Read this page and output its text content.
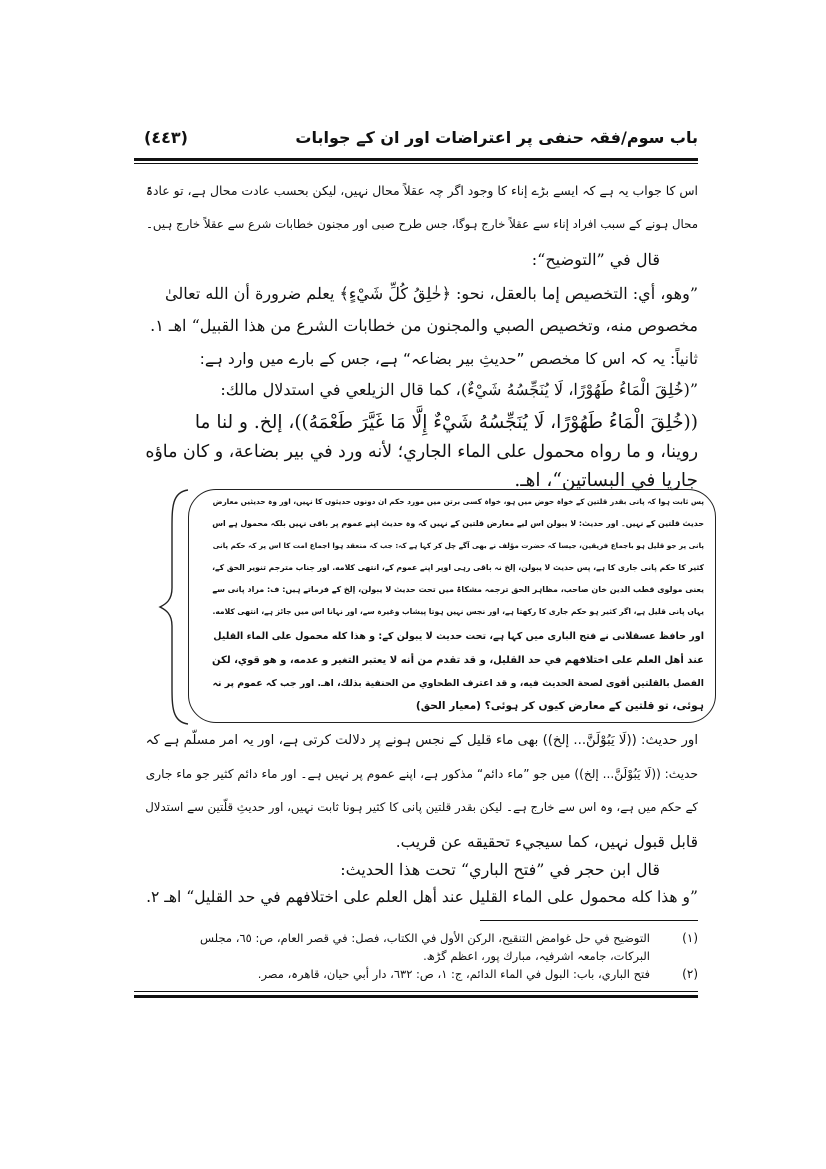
باب سوم/فقہ حنفی پر اعتراضات اور ان کے جوابات
(٤٤٣)
اس کا جواب یہ ہے کہ ایسے بڑے إناء کا وجود اگر چہ عقلاً محال نہیں، لیکن بحسب عادت محال ہے، تو عادۃً
محال ہونے کے سبب افراد إناء سے عقلاً خارج ہوگا، جس طرح صبی اور مجنون خطابات شرع سے عقلاً خارج ہیں۔
قال في ”التوضيح“:
”وهو، أي: التخصيص إما بالعقل، نحو: ﴿خٰلِقُ كُلِّ شَيْءٍ﴾ يعلم ضرورة أن الله تعالىٰ
مخصوص منه، وتخصيص الصبي والمجنون من خطابات الشرع من هذا القبيل“ اهـ ١.
ثانیاً: یہ کہ اس کا مخصص ”حدیثِ بیر بضاعہ“ ہے، جس کے بارے میں وارد ہے:
”(خُلِقَ الْمَاءُ طَهُوْرًا، لَا يُنَجِّسُهُ شَيْءٌ)، کما قال الزیلعي في استدلال مالك:
((خُلِقَ الْمَاءُ طَهُوْرًا، لَا يُنَجِّسُهُ شَيْءٌ إِلَّا مَا غَيَّرَ طَعْمَهُ))، إلخ. و لنا ما
روينا، و ما رواه محمول على الماء الجاري؛ لأنه ورد في بير بضاعة، و كان ماؤه
جاريا في البساتين“، اهـ.
پس ثابت ہوا کہ پانی بقدر قلتین کے خواہ حوض میں ہو، خواہ کسی برتن میں مورد حکم ان دونوں حدیثوں کا نہیں، اور وہ حدیثیں معارض
حدیث قلتین کے نہیں۔ اور حدیث: لا يبولن اس لیے معارض قلتین کے نہیں کہ وہ حدیث اپنے عموم پر باقی نہیں بلکہ محمول ہے اس
پانی پر جو قلیل ہو باجماع فریقین، جیسا کہ حضرت مؤلف نے بھی آگے چل کر کہا ہے کہ: جب کہ منعقد ہوا اجماع امت کا اس پر کہ حکم پانی
کثیر کا حکم پانی جاری کا ہے، پس حدیث لا يبولن، إلخ نہ باقی رہی اوپر اپنے عموم کے، انتهى كلامه. اور جناب مترجم تنویر الحق کے،
یعنی مولوی قطب الدین خان صاحب، مظاہر الحق ترجمہ مشکاۃ میں تحت حدیث لا يبولن، إلخ کے فرماتے ہیں: ف: مراد پانی سے
یہاں پانی قلیل ہے، اگر کثیر ہو حکم جاری کا رکھتا ہے، اور نجس نہیں ہوتا پیشاب وغیرہ سے، اور نہانا اس میں جائز ہے، انتهى كلامه.
اور حافظ عسقلانی نے فتح الباری میں کہا ہے، تحت حدیث لا يبولن کے: و هذا كله محمول على الماء القليل
عند أهل العلم على اختلافهم في حد القليل، و قد تقدم من أنه لا يعتبر التغير و عدمه، و هو قوي، لكن
الفصل بالقلتين أقوى لصحة الحديث فيه، و قد اعترف الطحاوي من الحنفية بذلك، اهـ. اور جب کہ عموم پر نہ
ہوئی، تو قلتین کے معارض کیوں کر ہوئی؟ (معیار الحق)
اور حدیث: ((لَا يَبُوْلَنَّ... إلخ)) بھی ماء قلیل کے نجس ہونے پر دلالت کرتی ہے، اور یہ امر مسلّم ہے کہ
حدیث: ((لَا يَبُوْلَنَّ... إلخ)) میں جو ”ماء دائم“ مذکور ہے، اپنے عموم پر نہیں ہے۔ اور ماء دائم کثیر جو ماء جاری
کے حکم میں ہے، وہ اس سے خارج ہے۔ لیکن بقدر قلتین پانی کا کثیر ہونا ثابت نہیں، اور حدیثِ قلّتین سے استدلال
قابل قبول نہیں، کما سیجيء تحقیقه عن قریب.
قال ابن حجر في ”فتح الباري“ تحت هذا الحديث:
”و هذا كله محمول على الماء القليل عند أهل العلم على اختلافهم في حد القليل“ اهـ ٢.
(١)
التوضیح في حل غوامض التنقیح، الركن الأول في الكتاب، فصل: في قصر العام، ص: ٦٥، مجلس
البركات، جامعہ اشرفیہ، مبارك پور، اعظم گڑھ.
(٢)
فتح الباري، باب: البول في الماء الدائم، ج: ١، ص: ٦٣٢، دار أبي حیان، قاهرہ، مصر.
